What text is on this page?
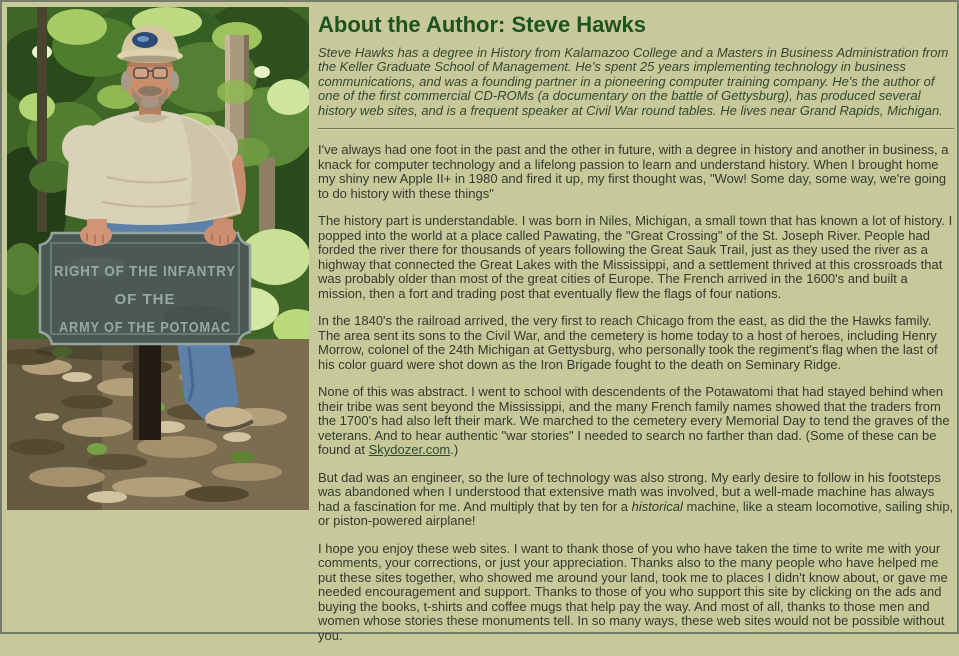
RIGHT OF THE INFANTRY
OF THE
ARMY OF THE POTOMAC
About the Author: Steve Hawks

Steve Hawks has a degree in History from Kalamazoo College and a Masters in Business Administration from the Keller Graduate School of Management. He's spent 25 years implementing technology in business communications, and was a founding partner in a pioneering computer training company. He's the author of one of the first commercial CD-ROMs (a documentary on the battle of Gettysburg), has produced several history web sites, and is a frequent speaker at Civil War round tables. He lives near Grand Rapids, Michigan.

I've always had one foot in the past and the other in future, with a degree in history and another in business, a knack for computer technology and a lifelong passion to learn and understand history. When I brought home my shiny new Apple II+ in 1980 and fired it up, my first thought was, "Wow! Some day, some way, we're going to do history with these things"

The history part is understandable. I was born in Niles, Michigan, a small town that has known a lot of history. I popped into the world at a place called Pawating, the "Great Crossing" of the St. Joseph River. People had forded the river there for thousands of years following the Great Sauk Trail, just as they used the river as a highway that connected the Great Lakes with the Mississippi, and a settlement thrived at this crossroads that was probably older than most of the great cities of Europe. The French arrived in the 1600's and built a mission, then a fort and trading post that eventually flew the flags of four nations.

In the 1840's the railroad arrived, the very first to reach Chicago from the east, as did the the Hawks family. The area sent its sons to the Civil War, and the cemetery is home today to a host of heroes, including Henry Morrow, colonel of the 24th Michigan at Gettysburg, who personally took the regiment's flag when the last of his color guard were shot down as the Iron Brigade fought to the death on Seminary Ridge.

None of this was abstract. I went to school with descendents of the Potawatomi that had stayed behind when their tribe was sent beyond the Mississippi, and the many French family names showed that the traders from the 1700's had also left their mark. We marched to the cemetery every Memorial Day to tend the graves of the veterans. And to hear authentic "war stories" I needed to search no farther than dad. (Some of these can be found at Skydozer.com.)

But dad was an engineer, so the lure of technology was also strong. My early desire to follow in his footsteps was abandoned when I understood that extensive math was involved, but a well-made machine has always had a fascination for me. And multiply that by ten for a historical machine, like a steam locomotive, sailing ship, or piston-powered airplane!

I hope you enjoy these web sites. I want to thank those of you who have taken the time to write me with your comments, your corrections, or just your appreciation. Thanks also to the many people who have helped me put these sites together, who showed me around your land, took me to places I didn't know about, or gave me needed encouragement and support. Thanks to those of you who support this site by clicking on the ads and buying the books, t-shirts and coffee mugs that help pay the way. And most of all, thanks to those men and women whose stories these monuments tell. In so many ways, these web sites would not be possible without you.
